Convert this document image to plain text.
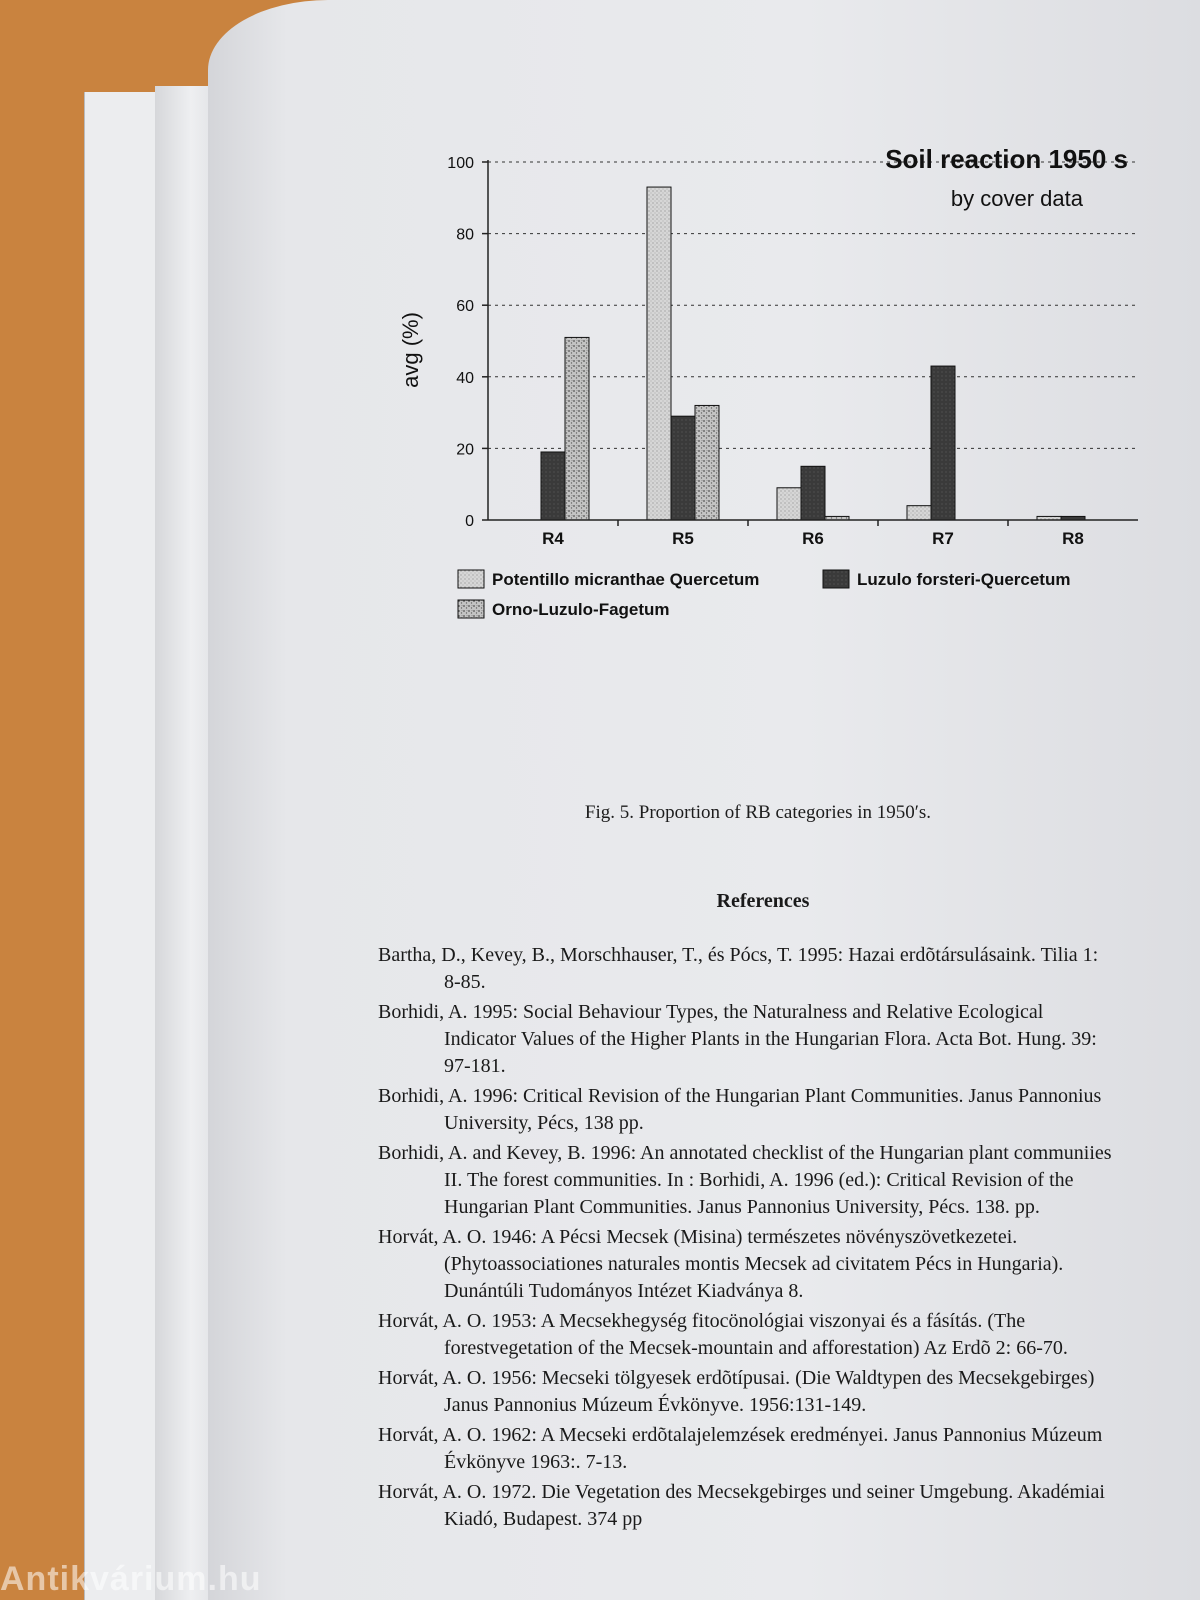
0
20
40
60
80
100
R4	R5	R6	R7	R8
Potentillo micranthae Quercetum	Luzulo forsteri-Quercetum
Orno-Luzulo-Fagetum
Soil reaction 1950 s
by cover data
avg (%)
Fig. 5. Proportion of RB categories in 1950′s.
References
Bartha, D., Kevey, B., Morschhauser, T., és Pócs, T. 1995: Hazai erdõtársulásaink. Tilia 1: 8-85.
Borhidi, A. 1995: Social Behaviour Types, the Naturalness and Relative Ecological Indicator Values of the Higher Plants in the Hungarian Flora. Acta Bot. Hung. 39: 97-181.
Borhidi, A. 1996: Critical Revision of the Hungarian Plant Communities. Janus Pannonius University, Pécs, 138 pp.
Borhidi, A. and Kevey, B. 1996: An annotated checklist of the Hungarian plant communiies II. The forest communities. In : Borhidi, A. 1996 (ed.): Critical Revision of the Hungarian Plant Communities. Janus Pannonius University, Pécs. 138. pp.
Horvát, A. O. 1946: A Pécsi Mecsek (Misina) természetes növényszövetkezetei. (Phytoassociationes naturales montis Mecsek ad civitatem Pécs in Hungaria). Dunántúli Tudományos Intézet Kiadványa 8.
Horvát, A. O. 1953: A Mecsekhegység fitocönológiai viszonyai és a fásítás. (The forestvegetation of the Mecsek-mountain and afforestation) Az Erdõ 2: 66-70.
Horvát, A. O. 1956: Mecseki tölgyesek erdõtípusai. (Die Waldtypen des Mecsekgebirges) Janus Pannonius Múzeum Évkönyve. 1956:131-149.
Horvát, A. O. 1962: A Mecseki erdõtalajelemzések eredményei. Janus Pannonius Múzeum Évkönyve 1963:. 7-13.
Horvát, A. O. 1972. Die Vegetation des Mecsekgebirges und seiner Umgebung. Akadémiai Kiadó, Budapest. 374 pp
Antikvárium.hu
